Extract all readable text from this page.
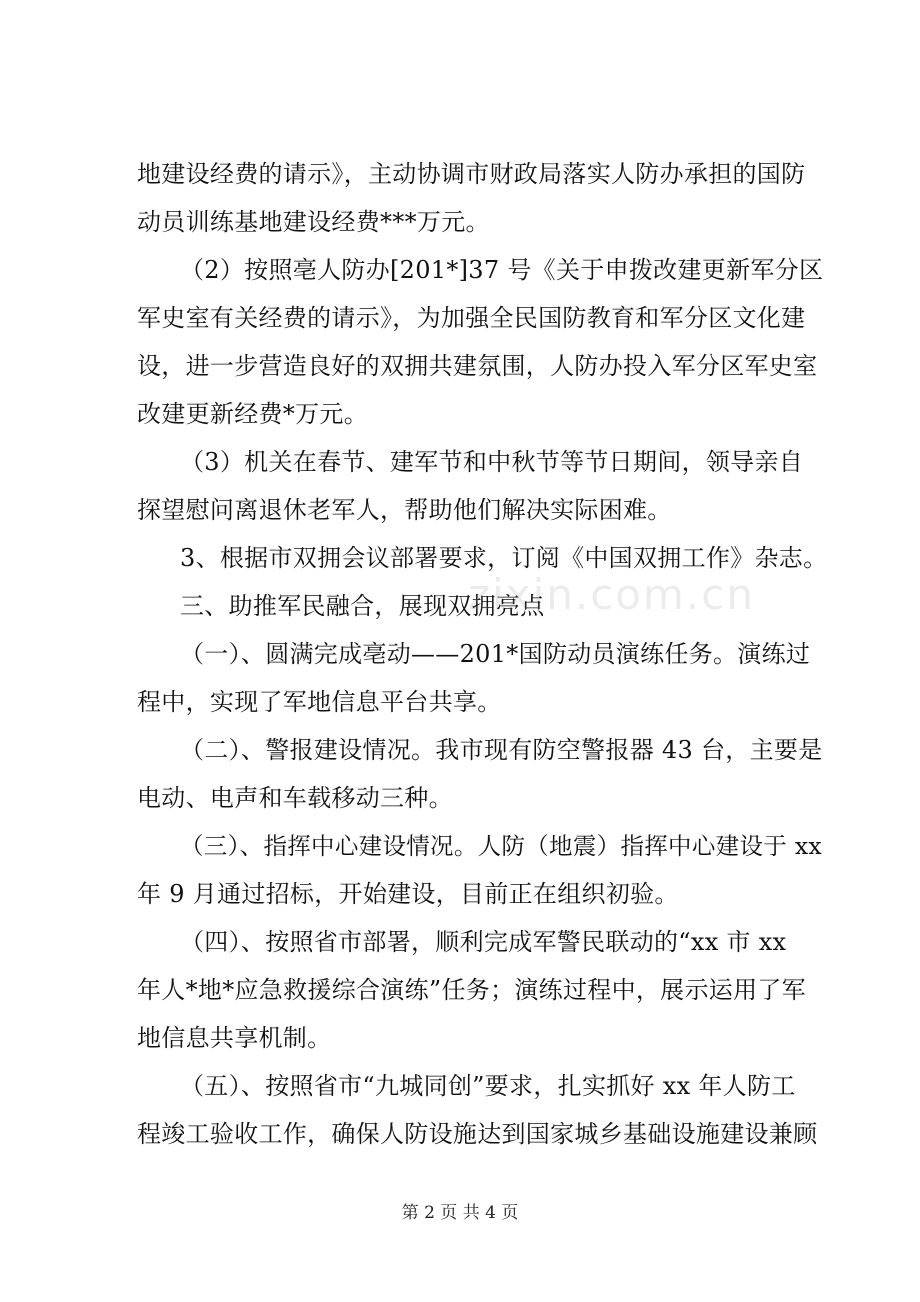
地建设经费的请示》，主动协调市财政局落实人防办承担的国防
动员训练基地建设经费***万元。
（2）按照亳人防办[201*]37 号《关于申拨改建更新军分区
军史室有关经费的请示》，为加强全民国防教育和军分区文化建
设，进一步营造良好的双拥共建氛围，人防办投入军分区军史室
改建更新经费*万元。
（3）机关在春节、建军节和中秋节等节日期间，领导亲自
探望慰问离退休老军人，帮助他们解决实际困难。
3、根据市双拥会议部署要求，订阅《中国双拥工作》杂志。
三、助推军民融合，展现双拥亮点
（一）、圆满完成亳动——201*国防动员演练任务。演练过
程中，实现了军地信息平台共享。
（二）、警报建设情况。我市现有防空警报器 43 台，主要是
电动、电声和车载移动三种。
（三）、指挥中心建设情况。人防（地震）指挥中心建设于 xx
年 9 月通过招标，开始建设，目前正在组织初验。
（四）、按照省市部署，顺利完成军警民联动的“xx 市 xx
年人*地*应急救援综合演练”任务；演练过程中，展示运用了军
地信息共享机制。
（五）、按照省市“九城同创”要求，扎实抓好 xx 年人防工
程竣工验收工作，确保人防设施达到国家城乡基础设施建设兼顾
zixin.com.cn
第 2 页 共 4 页
